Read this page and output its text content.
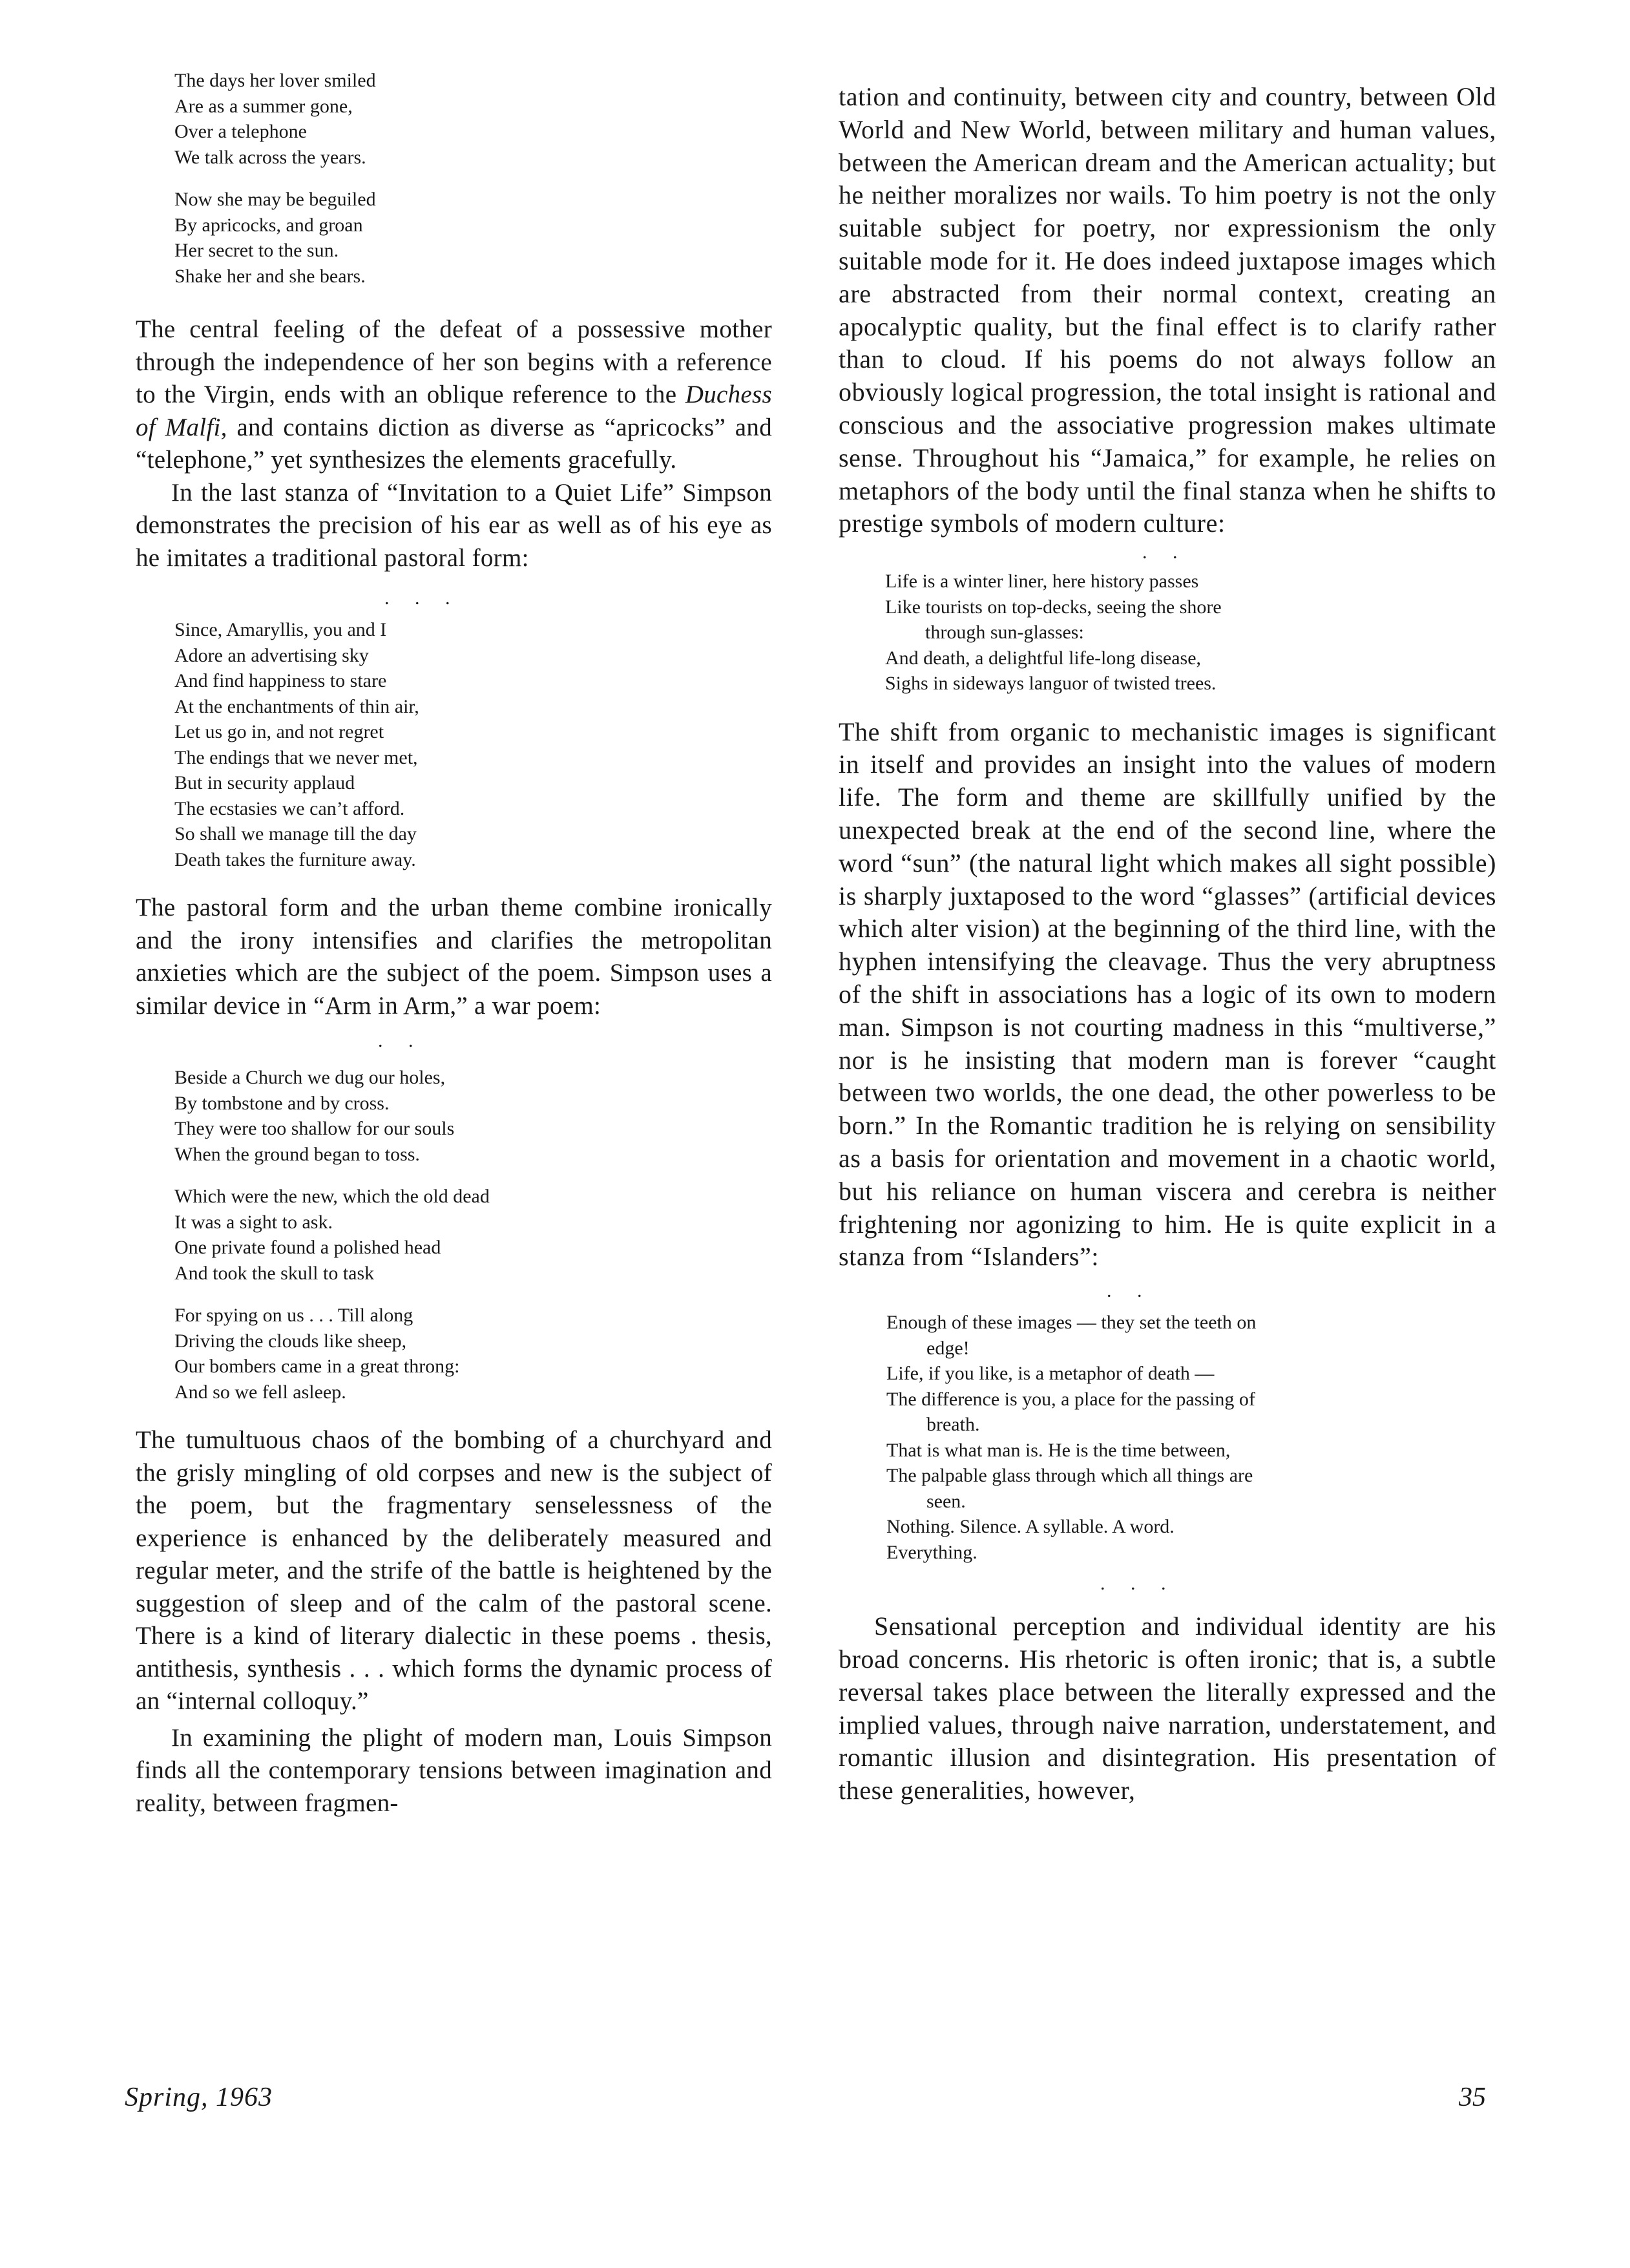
The days her lover smiled
Are as a summer gone,
Over a telephone
We talk across the years.
Now she may be beguiled
By apricocks, and groan
Her secret to the sun.
Shake her and she bears.

The central feeling of the defeat of a possessive mother through the independence of her son begins with a reference to the Virgin, ends with an oblique reference to the Duchess of Malfi, and contains diction as diverse as “apricocks” and “telephone,” yet synthesizes the elements gracefully.

In the last stanza of “Invitation to a Quiet Life” Simpson demonstrates the precision of his ear as well as of his eye as he imitates a traditional pastoral form:

. . .
Since, Amaryllis, you and I
Adore an advertising sky
And find happiness to stare
At the enchantments of thin air,
Let us go in, and not regret
The endings that we never met,
But in security applaud
The ecstasies we can’t afford.
So shall we manage till the day
Death takes the furniture away.

The pastoral form and the urban theme combine ironically and the irony intensifies and clarifies the metropolitan anxieties which are the subject of the poem. Simpson uses a similar device in “Arm in Arm,” a war poem:

. .
Beside a Church we dug our holes,
By tombstone and by cross.
They were too shallow for our souls
When the ground began to toss.
Which were the new, which the old dead
It was a sight to ask.
One private found a polished head
And took the skull to task
For spying on us . . . Till along
Driving the clouds like sheep,
Our bombers came in a great throng:
And so we fell asleep.

The tumultuous chaos of the bombing of a churchyard and the grisly mingling of old corpses and new is the subject of the poem, but the fragmentary senselessness of the experience is enhanced by the deliberately measured and regular meter, and the strife of the battle is heightened by the suggestion of sleep and of the calm of the pastoral scene. There is a kind of literary dialectic in these poems . thesis, antithesis, synthesis . . . which forms the dynamic process of an “internal colloquy.”

In examining the plight of modern man, Louis Simpson finds all the contemporary tensions between imagination and reality, between fragmen-

tation and continuity, between city and country, between Old World and New World, between military and human values, between the American dream and the American actuality; but he neither moralizes nor wails. To him poetry is not the only suitable subject for poetry, nor expressionism the only suitable mode for it. He does indeed juxtapose images which are abstracted from their normal context, creating an apocalyptic quality, but the final effect is to clarify rather than to cloud. If his poems do not always follow an obviously logical progression, the total insight is rational and conscious and the associative progression makes ultimate sense. Throughout his “Jamaica,” for example, he relies on metaphors of the body until the final stanza when he shifts to prestige symbols of modern culture:

. .
Life is a winter liner, here history passes
Like tourists on top-decks, seeing the shore
through sun-glasses:
And death, a delightful life-long disease,
Sighs in sideways languor of twisted trees.

The shift from organic to mechanistic images is significant in itself and provides an insight into the values of modern life. The form and theme are skillfully unified by the unexpected break at the end of the second line, where the word “sun” (the natural light which makes all sight possible) is sharply juxtaposed to the word “glasses” (artificial devices which alter vision) at the beginning of the third line, with the hyphen intensifying the cleavage. Thus the very abruptness of the shift in associations has a logic of its own to modern man. Simpson is not courting madness in this “multiverse,” nor is he insisting that modern man is forever “caught between two worlds, the one dead, the other powerless to be born.” In the Romantic tradition he is relying on sensibility as a basis for orientation and movement in a chaotic world, but his reliance on human viscera and cerebra is neither frightening nor agonizing to him. He is quite explicit in a stanza from “Islanders”:

. .
Enough of these images — they set the teeth on
edge!
Life, if you like, is a metaphor of death —
The difference is you, a place for the passing of
breath.
That is what man is. He is the time between,
The palpable glass through which all things are
seen.
Nothing. Silence. A syllable. A word.
Everything.
. . .

Sensational perception and individual identity are his broad concerns. His rhetoric is often ironic; that is, a subtle reversal takes place between the literally expressed and the implied values, through naive narration, understatement, and romantic illusion and disintegration. His presentation of these generalities, however,

Spring, 1963	35
